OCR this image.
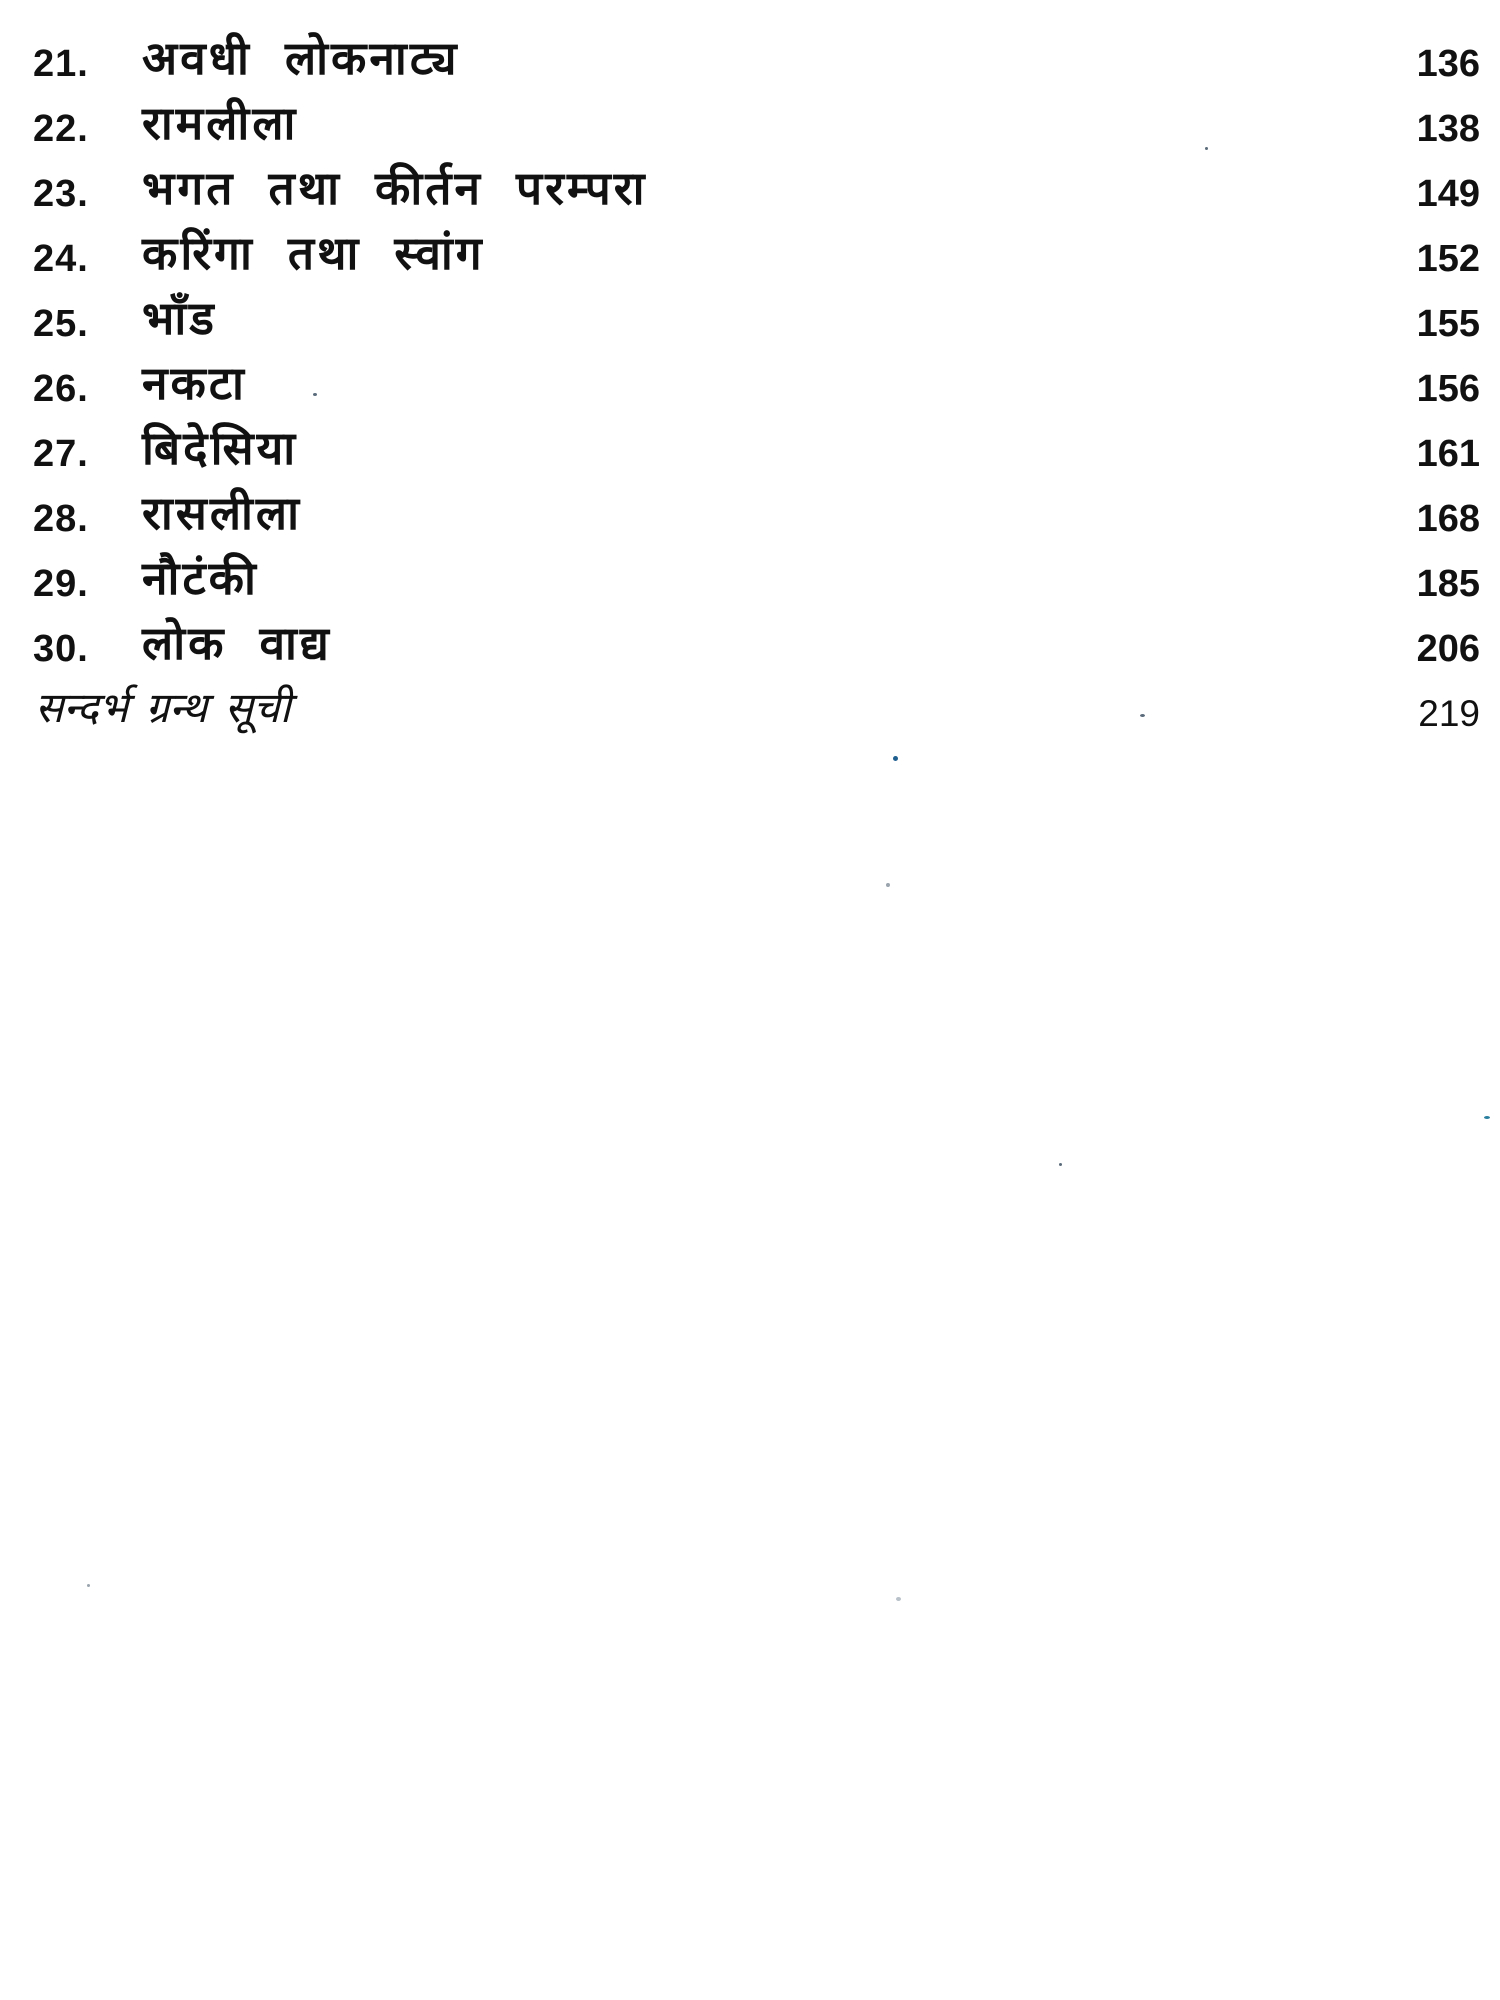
21. अवधी लोकनाट्य	136
22. रामलीला	138
23. भगत तथा कीर्तन परम्परा	149
24. करिंगा तथा स्वांग	152
25. भाँड	155
26. नकटा	156
27. बिदेसिया	161
28. रासलीला	168
29. नौटंकी	185
30. लोक वाद्य	206
सन्दर्भ ग्रन्थ सूची	219
